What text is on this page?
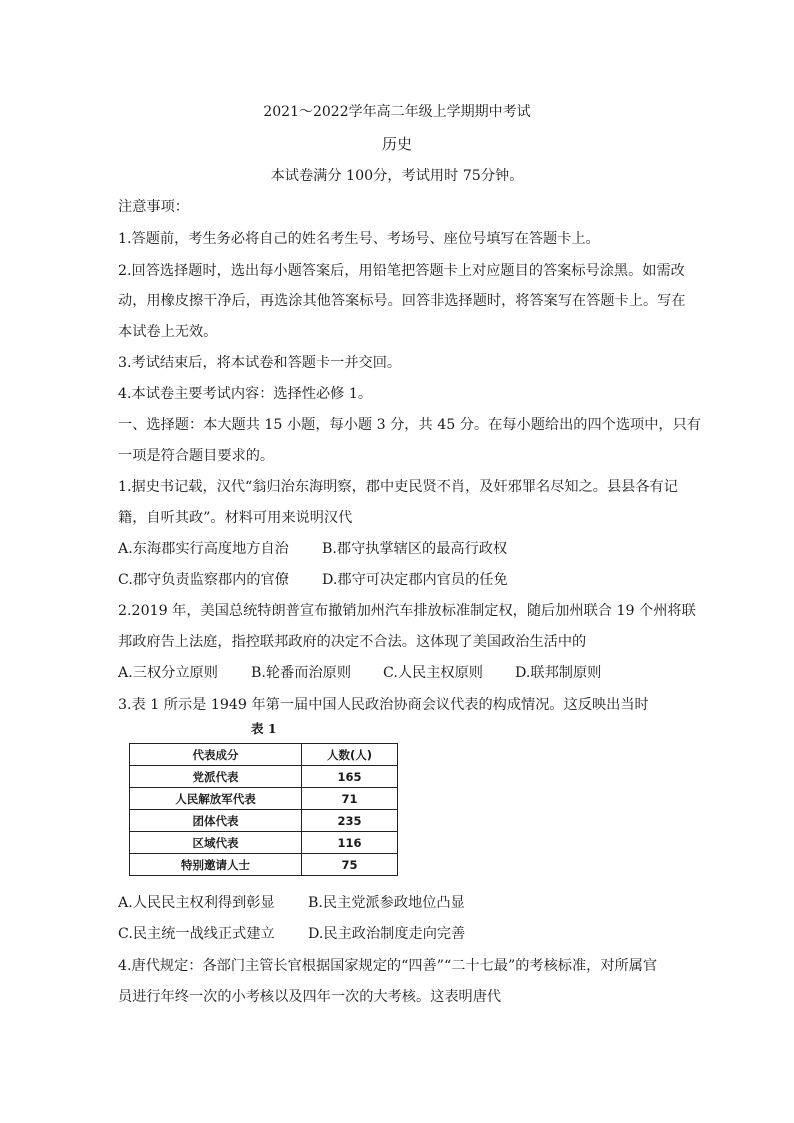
2021～2022学年高二年级上学期期中考试
历史
本试卷满分 100分，考试用时 75分钟。
注意事项：
1.答题前，考生务必将自己的姓名考生号、考场号、座位号填写在答题卡上。
2.回答选择题时，选出每小题答案后，用铅笔把答题卡上对应题目的答案标号涂黑。如需改
动，用橡皮擦干净后，再选涂其他答案标号。回答非选择题时，将答案写在答题卡上。写在
本试卷上无效。
3.考试结束后，将本试卷和答题卡一并交回。
4.本试卷主要考试内容：选择性必修 1。
一、选择题：本大题共 15 小题，每小题 3 分，共 45 分。在每小题给出的四个选项中，只有
一项是符合题目要求的。
1.据史书记载，汉代“翁归治东海明察，郡中吏民贤不肖，及奸邪罪名尽知之。县县各有记
籍，自听其政”。材料可用来说明汉代
A.东海郡实行高度地方自治 B.郡守执掌辖区的最高行政权
C.郡守负责监察郡内的官僚 D.郡守可决定郡内官员的任免
2.2019 年，美国总统特朗普宣布撤销加州汽车排放标准制定权，随后加州联合 19 个州将联
邦政府告上法庭，指控联邦政府的决定不合法。这体现了美国政治生活中的
A.三权分立原则 B.轮番而治原则 C.人民主权原则 D.联邦制原则
3.表 1 所示是 1949 年第一届中国人民政治协商会议代表的构成情况。这反映出当时
表 1
代表成分	人数(人)
党派代表	165
人民解放军代表	71
团体代表	235
区域代表	116
特别邀请人士	75
A.人民民主权利得到彰显 B.民主党派参政地位凸显
C.民主统一战线正式建立 D.民主政治制度走向完善
4.唐代规定：各部门主管长官根据国家规定的“四善”“二十七最”的考核标准，对所属官
员进行年终一次的小考核以及四年一次的大考核。这表明唐代
